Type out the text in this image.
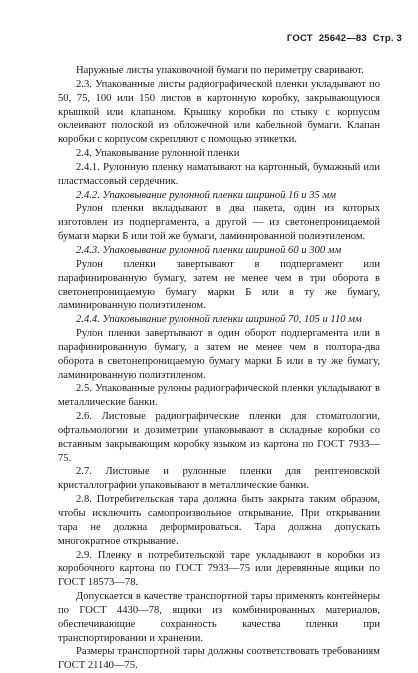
ГОСТ 25642—83 Стр. 3

Наружные листы упаковочной бумаги по периметру сваривают.

2.3. Упакованные листы радиографической пленки укладывают по 50, 75, 100 или 150 листов в картонную коробку, закрывающуюся крышкой или клапаном. Крышку коробки по стыку с корпусом оклеивают полоской из обложечной или кабельной бумаги. Клапан коробки с корпусом скрепляют с помощью этикетки.

2.4. Упаковывание рулонной пленки

2.4.1. Рулонную пленку наматывают на картонный, бумажный или пластмассовый сердечник.

2.4.2. Упаковывание рулонной пленки шириной 16 и 35 мм

Рулон пленки вкладывают в два пакета, один из которых изготовлен из подпергамента, а другой — из светонепроницаемой бумаги марки Б или той же бумаги, ламинированной полиэтиленом.

2.4.3. Упаковывание рулонной пленки шириной 60 и 300 мм

Рулон пленки завертывают в подпергамент или парафинированную бумагу, затем не менее чем в три оборота в светонепроницаемую бумагу марки Б или в ту же бумагу, ламинированную полиэтиленом.

2.4.4. Упаковывание рулонной пленки шириной 70, 105 и 110 мм

Рулон пленки завертывают в один оборот подпергамента или в парафинированную бумагу, а затем не менее чем в полтора-два оборота в светонепроницаемую бумагу марки Б или в ту же бумагу, ламинированную полиэтиленом.

2.5. Упакованные рулоны радиографической пленки укладывают в металлические банки.

2.6. Листовые радиографические пленки для стоматологии, офтальмологии и дозиметрии упаковывают в складные коробки со вставным закрывающим коробку языком из картона по ГОСТ 7933—75.

2.7. Листовые и рулонные пленки для рентгеновской кристаллографии упаковывают в металлические банки.

2.8. Потребительская тара должна быть закрыта таким образом, чтобы исключить самопроизвольное открывание. При открывании тара не должна деформироваться. Тара должна допускать многократное открывание.

2.9. Пленку в потребительской таре укладывают в коробки из коробочного картона по ГОСТ 7933—75 или деревянные ящики по ГОСТ 18573—78.

Допускается в качестве транспортной тары применять контейнеры по ГОСТ 4430—78, ящики из комбинированных материалов, обеспечивающие сохранность качества пленки при транспортировании и хранении.

Размеры транспортной тары должны соответствовать требованиям ГОСТ 21140—75.
